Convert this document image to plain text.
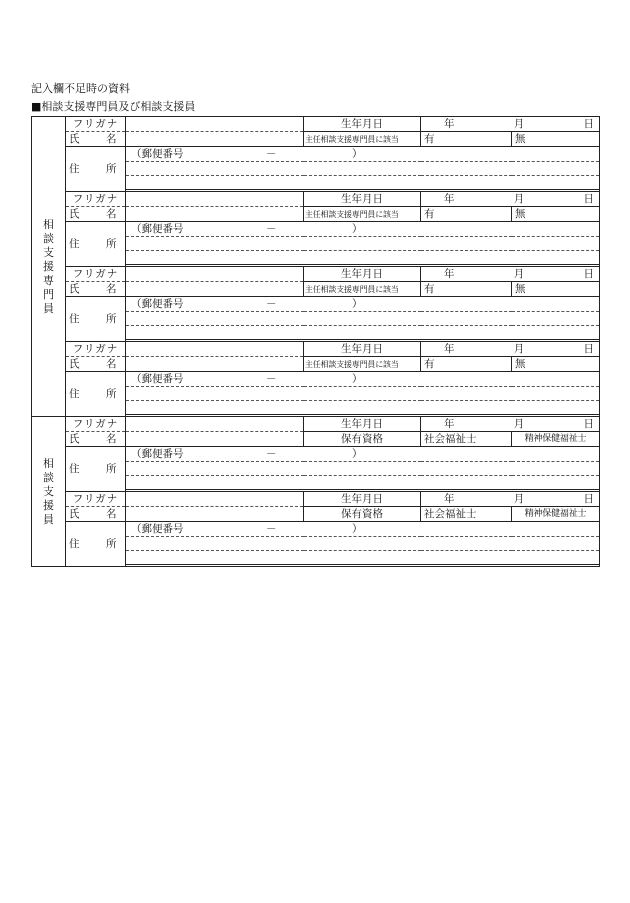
記入欄不足時の資料
■相談支援専門員及び相談支援員
相談支援専門員	フリガナ		生年月日	年 月 日	

	氏　名		主任相談支援専門員に該当	有	無
	住　所	（郵便番号 － ）			

	フリガナ		生年月日	年 月 日	

	氏　名		主任相談支援専門員に該当	有	無
	住　所	（郵便番号 － ）			

	フリガナ		生年月日	年 月 日	

	氏　名		主任相談支援専門員に該当	有	無
	住　所	（郵便番号 － ）			

	フリガナ		生年月日	年 月 日	

	氏　名		主任相談支援専門員に該当	有	無
	住　所	（郵便番号 － ）			

相談支援員	フリガナ		生年月日	年 月 日	

	氏　名		保有資格	社会福祉士	精神保健福祉士
	住　所	（郵便番号 － ）			

	フリガナ		生年月日	年 月 日	

	氏　名		保有資格	社会福祉士	精神保健福祉士
	住　所	（郵便番号 － ）			
